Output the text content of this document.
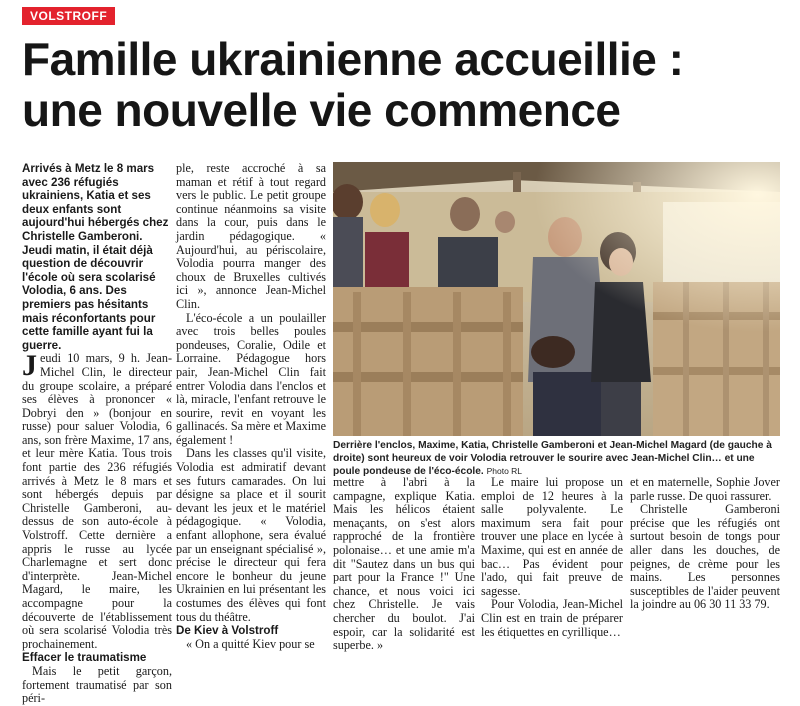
VOLSTROFF
Famille ukrainienne accueillie :
une nouvelle vie commence

Arrivés à Metz le 8 mars avec 236 réfugiés ukrainiens, Katia et ses deux enfants sont aujourd'hui hébergés chez Christelle Gamberoni. Jeudi matin, il était déjà question de découvrir l'école où sera scolarisé Volodia, 6 ans. Des premiers pas hésitants mais réconfortants pour cette famille ayant fui la guerre.

Jeudi 10 mars, 9 h. Jean-Michel Clin, le directeur du groupe scolaire, a préparé ses élèves à prononcer « Dobryi den » (bonjour en russe) pour saluer Volodia, 6 ans, son frère Maxime, 17 ans, et leur mère Katia. Tous trois font partie des 236 réfugiés arrivés à Metz le 8 mars et sont hébergés depuis par Christelle Gamberoni, au-dessus de son auto-école à Volstroff. Cette dernière a appris le russe au lycée Charlemagne et sert donc d'interprète. Jean-Michel Magard, le maire, les accompagne pour la découverte de l'établissement où sera scolarisé Volodia très prochainement.

Effacer le traumatisme

Mais le petit garçon, fortement traumatisé par son péri-

ple, reste accroché à sa maman et rétif à tout regard vers le public. Le petit groupe continue néanmoins sa visite dans la cour, puis dans le jardin pédagogique. « Aujourd'hui, au périscolaire, Volodia pourra manger des choux de Bruxelles cultivés ici », annonce Jean-Michel Clin.

L'éco-école a un poulailler avec trois belles poules pondeuses, Coralie, Odile et Lorraine. Pédagogue hors pair, Jean-Michel Clin fait entrer Volodia dans l'enclos et là, miracle, l'enfant retrouve le sourire, revit en voyant les gallinacés. Sa mère et Maxime également !

Dans les classes qu'il visite, Volodia est admiratif devant ses futurs camarades. On lui désigne sa place et il sourit devant les jeux et le matériel pédagogique. « Volodia, enfant allophone, sera évalué par un enseignant spécialisé », précise le directeur qui fera encore le bonheur du jeune Ukrainien en lui présentant les costumes des élèves qui font tous du théâtre.

De Kiev à Volstroff

« On a quitté Kiev pour se

Derrière l'enclos, Maxime, Katia, Christelle Gamberoni et Jean-Michel Magard (de gauche à droite) sont heureux de voir Volodia retrouver le sourire avec Jean-Michel Clin… et une poule pondeuse de l'éco-école. Photo RL

mettre à l'abri à la campagne, explique Katia. Mais les hélicos étaient menaçants, on s'est alors rapproché de la frontière polonaise… et une amie m'a dit "Sautez dans un bus qui part pour la France !" Une chance, et nous voici ici chez Christelle. Je vais chercher du boulot. J'ai espoir, car la solidarité est superbe. »

Le maire lui propose un emploi de 12 heures à la salle polyvalente. Le maximum sera fait pour trouver une place en lycée à Maxime, qui est en année de bac… Pas évident pour l'ado, qui fait preuve de sagesse.

Pour Volodia, Jean-Michel Clin est en train de préparer les étiquettes en cyrillique…

et en maternelle, Sophie Jover parle russe. De quoi rassurer.

Christelle Gamberoni précise que les réfugiés ont surtout besoin de tongs pour aller dans les douches, de peignes, de crème pour les mains. Les personnes susceptibles de l'aider peuvent la joindre au 06 30 11 33 79.
